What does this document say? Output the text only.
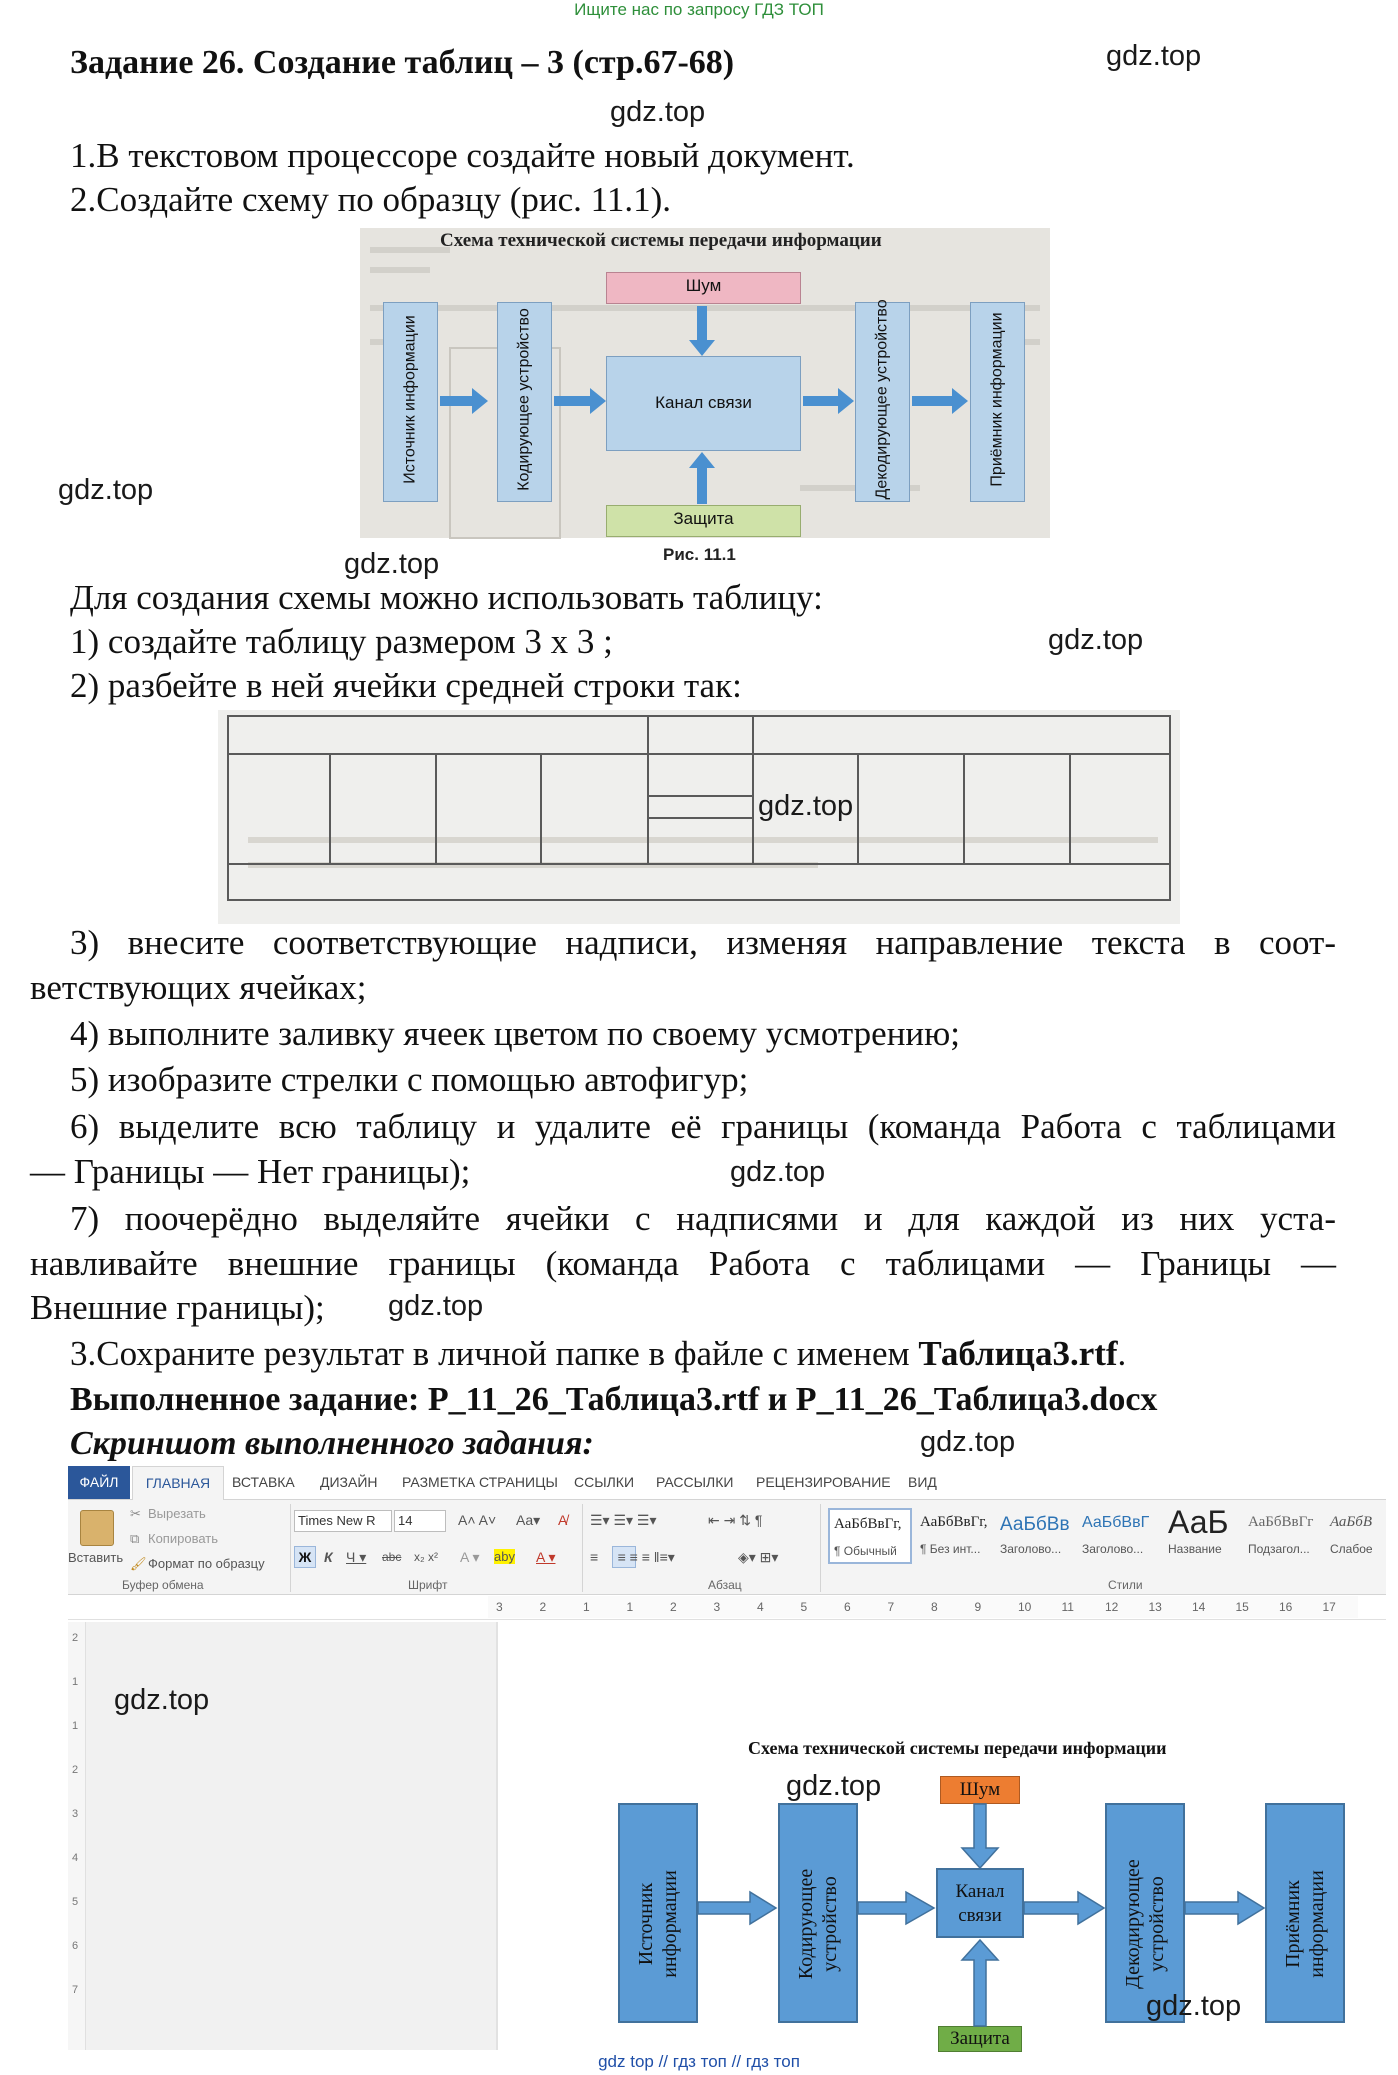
Ищите нас по запросу ГДЗ ТОП
gdz top // гдз топ // гдз топ
Задание 26. Создание таблиц – 3 (стр.67-68)
1.В текстовом процессоре создайте новый документ.
2.Создайте схему по образцу (рис. 11.1).
Схема технической системы передачи информации
Шум
Защита
Канал связи
Источник информации	Кодирующее устройство	Декодирующее устройство	Приёмник информации
Рис. 11.1
Для создания схемы можно использовать таблицу:
1) создайте таблицу размером 3 x 3 ;
2) разбейте в ней ячейки средней строки так:
3) внесите соответствующие надписи, изменяя направление текста в соот-
ветствующих ячейках;
4) выполните заливку ячеек цветом по своему усмотрению;
5) изобразите стрелки с помощью автофигур;
6) выделите всю таблицу и удалите её границы (команда Работа с таблицами
— Границы — Нет границы);
7) поочерёдно выделяйте ячейки с надписями и для каждой из них уста-
навливайте внешние границы (команда Работа с таблицами — Границы —
Внешние границы);
3.Сохраните результат в личной папке в файле с именем Таблица3.rtf.
Выполненное задание: P_11_26_Таблица3.rtf и P_11_26_Таблица3.docx
Скриншот выполненного задания:
ФАЙЛ	ГЛАВНАЯ	ВСТАВКА ДИЗАЙН РАЗМЕТКА СТРАНИЦЫ ССЫЛКИ РАССЫЛКИ РЕЦЕНЗИРОВАНИЕ ВИД
Вставить
✂ Вырезать
⧉ Копировать
🖌 Формат по образцу
Буфер обмена
Times New R	14	A˄ A˅ Aa▾ A̸
Ж К Ч ▾ abc x₂ x² A ▾ aby A ▾
Шрифт
☰▾ ☰▾ ☰▾	⇤ ⇥ ⇅ ¶
≡     ≡ ≡ ≡ ‖≡▾	◈▾ ⊞▾
Абзац
АаБбВвГг,
¶ Обычный
АаБбВвГг,
¶ Без инт...
АаБбВв
Заголово...
АаБбВвГ
Заголово...
АаБ
Название
АаБбВвГг
Подзагол...
АаБбВ
Слабое
Стили
3	2	1	1	2	3	4	5	6	7	8	9	10	11	12	13	14	15	16	17
2
1
1
2
3
4
5
6
7
Схема технической системы передачи информации
Источник информации	Кодирующее устройство
Шум
Канал
связи
Защита
Декодирующее устройство	Приёмник информации
gdz.top
gdz.top
gdz.top
gdz.top
gdz.top
gdz.top
gdz.top
gdz.top
gdz.top
gdz.top
gdz.top
gdz.top
